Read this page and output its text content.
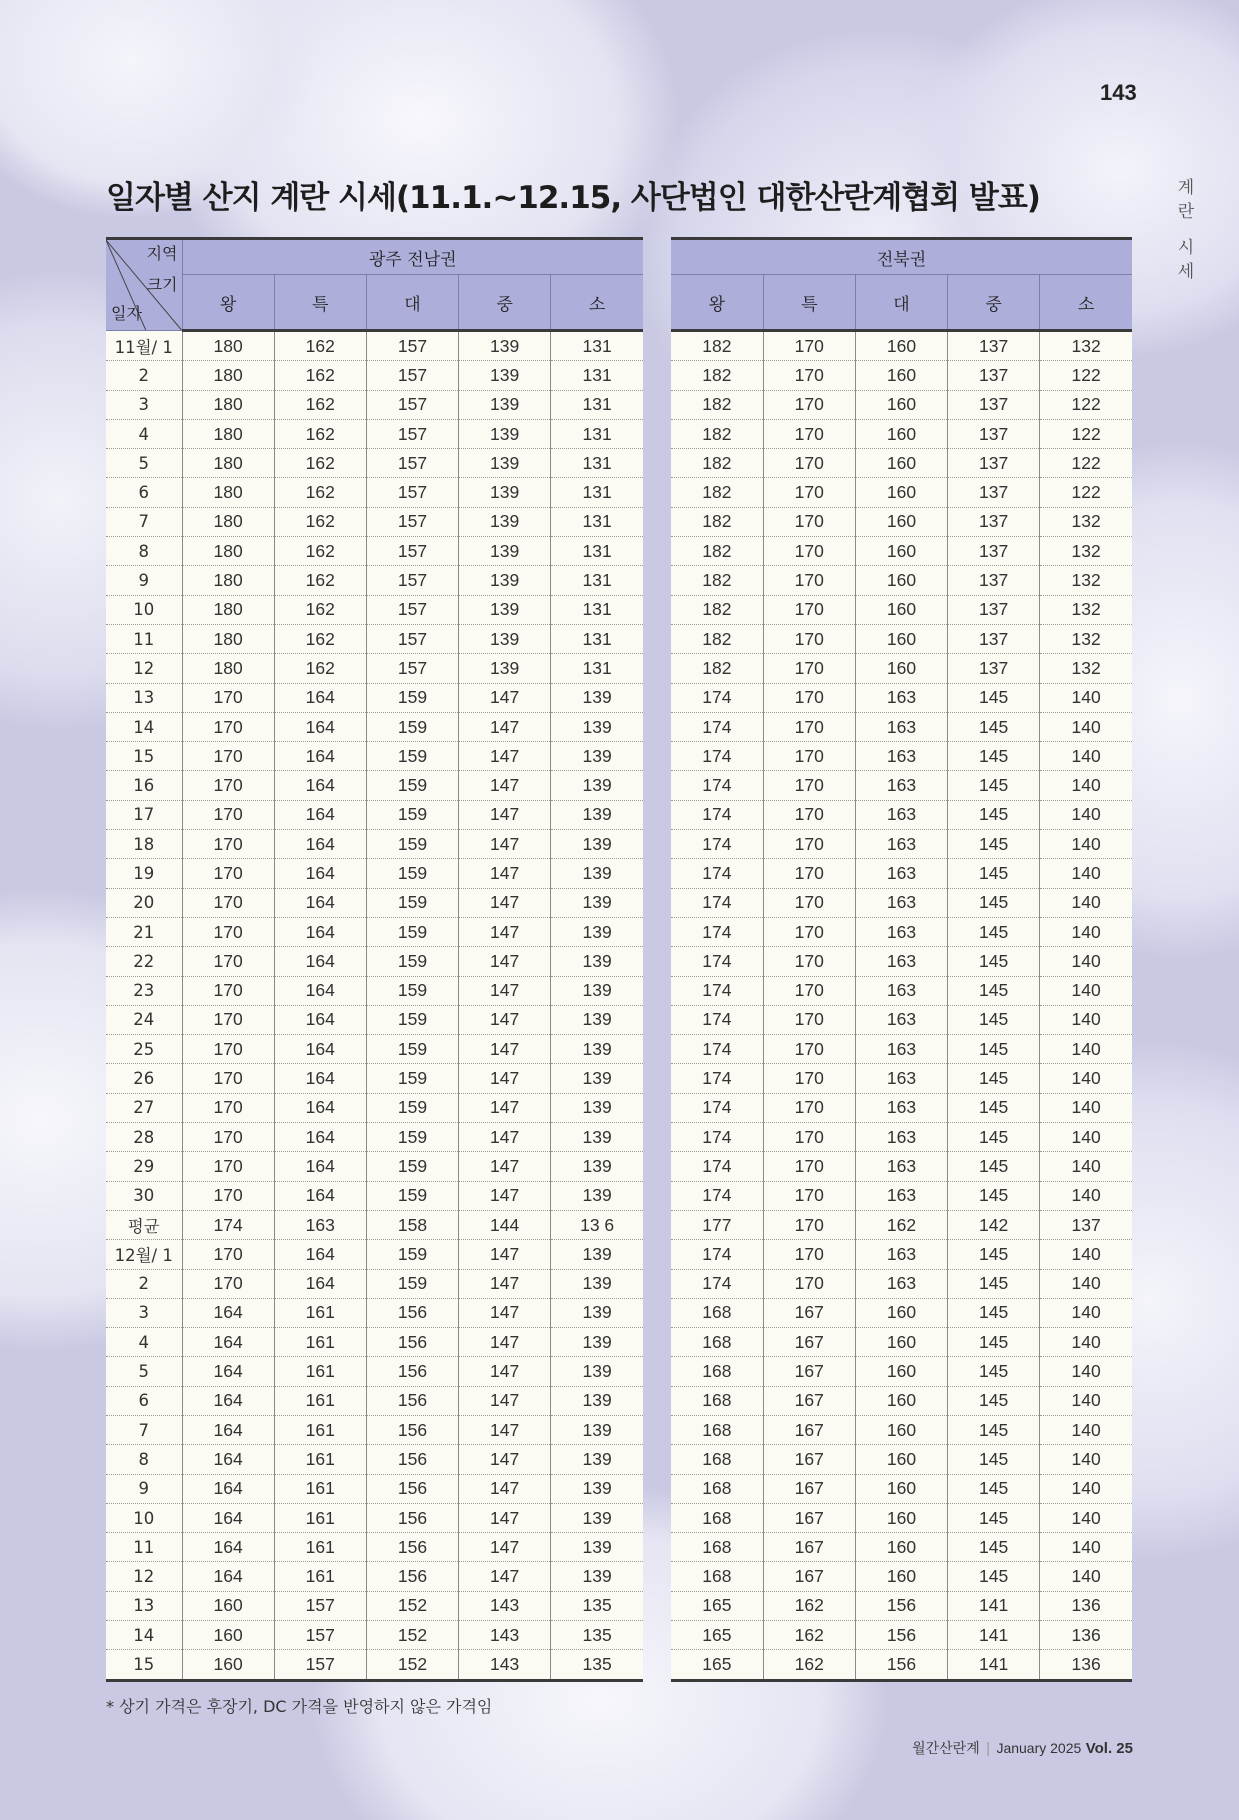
143
계
란
시
세
일자별 산지 계란 시세(11.1.~12.15, 사단법인 대한산란계협회 발표)
지역
크기
일자	광주 전남권				
	왕	특	대	중	소
11월/ 1	180	162	157	139	131
2	180	162	157	139	131
3	180	162	157	139	131
4	180	162	157	139	131
5	180	162	157	139	131
6	180	162	157	139	131
7	180	162	157	139	131
8	180	162	157	139	131
9	180	162	157	139	131
10	180	162	157	139	131
11	180	162	157	139	131
12	180	162	157	139	131
13	170	164	159	147	139
14	170	164	159	147	139
15	170	164	159	147	139
16	170	164	159	147	139
17	170	164	159	147	139
18	170	164	159	147	139
19	170	164	159	147	139
20	170	164	159	147	139
21	170	164	159	147	139
22	170	164	159	147	139
23	170	164	159	147	139
24	170	164	159	147	139
25	170	164	159	147	139
26	170	164	159	147	139
27	170	164	159	147	139
28	170	164	159	147	139
29	170	164	159	147	139
30	170	164	159	147	139
평균	174	163	158	144	13 6
12월/ 1	170	164	159	147	139
2	170	164	159	147	139
3	164	161	156	147	139
4	164	161	156	147	139
5	164	161	156	147	139
6	164	161	156	147	139
7	164	161	156	147	139
8	164	161	156	147	139
9	164	161	156	147	139
10	164	161	156	147	139
11	164	161	156	147	139
12	164	161	156	147	139
13	160	157	152	143	135
14	160	157	152	143	135
15	160	157	152	143	135
전북권				
왕	특	대	중	소
182	170	160	137	132
182	170	160	137	122
182	170	160	137	122
182	170	160	137	122
182	170	160	137	122
182	170	160	137	122
182	170	160	137	132
182	170	160	137	132
182	170	160	137	132
182	170	160	137	132
182	170	160	137	132
182	170	160	137	132
174	170	163	145	140
174	170	163	145	140
174	170	163	145	140
174	170	163	145	140
174	170	163	145	140
174	170	163	145	140
174	170	163	145	140
174	170	163	145	140
174	170	163	145	140
174	170	163	145	140
174	170	163	145	140
174	170	163	145	140
174	170	163	145	140
174	170	163	145	140
174	170	163	145	140
174	170	163	145	140
174	170	163	145	140
174	170	163	145	140
177	170	162	142	137
174	170	163	145	140
174	170	163	145	140
168	167	160	145	140
168	167	160	145	140
168	167	160	145	140
168	167	160	145	140
168	167	160	145	140
168	167	160	145	140
168	167	160	145	140
168	167	160	145	140
168	167	160	145	140
168	167	160	145	140
165	162	156	141	136
165	162	156	141	136
165	162	156	141	136
* 상기 가격은 후장기, DC 가격을 반영하지 않은 가격임
월간산란계 | January 2025 Vol. 25
